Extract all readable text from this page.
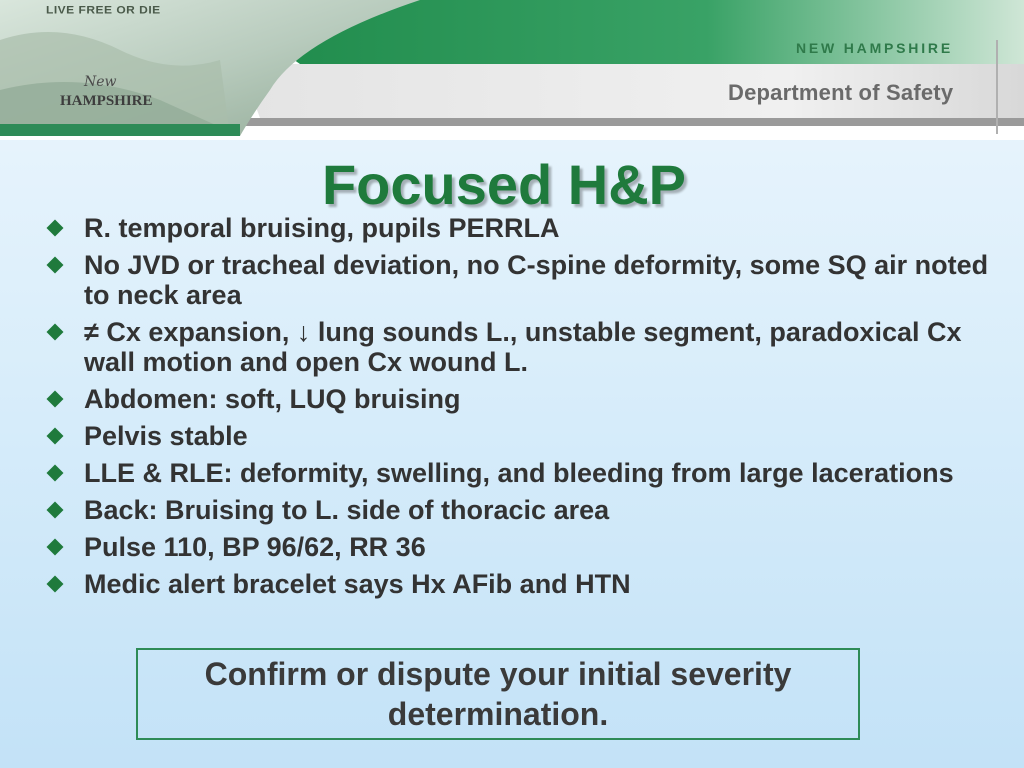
LIVE FREE OR DIE
New
HAMPSHIRE
NEW HAMPSHIRE
Department of Safety
Focused H&P
R. temporal bruising, pupils PERRLA
No JVD or tracheal deviation, no C-spine deformity, some SQ air noted to neck area
≠ Cx expansion, ↓ lung sounds L., unstable segment, paradoxical Cx wall motion and open Cx wound L.
Abdomen: soft, LUQ bruising
Pelvis stable
LLE & RLE: deformity, swelling, and bleeding from large lacerations
Back: Bruising to L. side of thoracic area
Pulse 110, BP 96/62, RR 36
Medic alert bracelet says Hx AFib and HTN
Confirm or dispute your initial severity determination.
